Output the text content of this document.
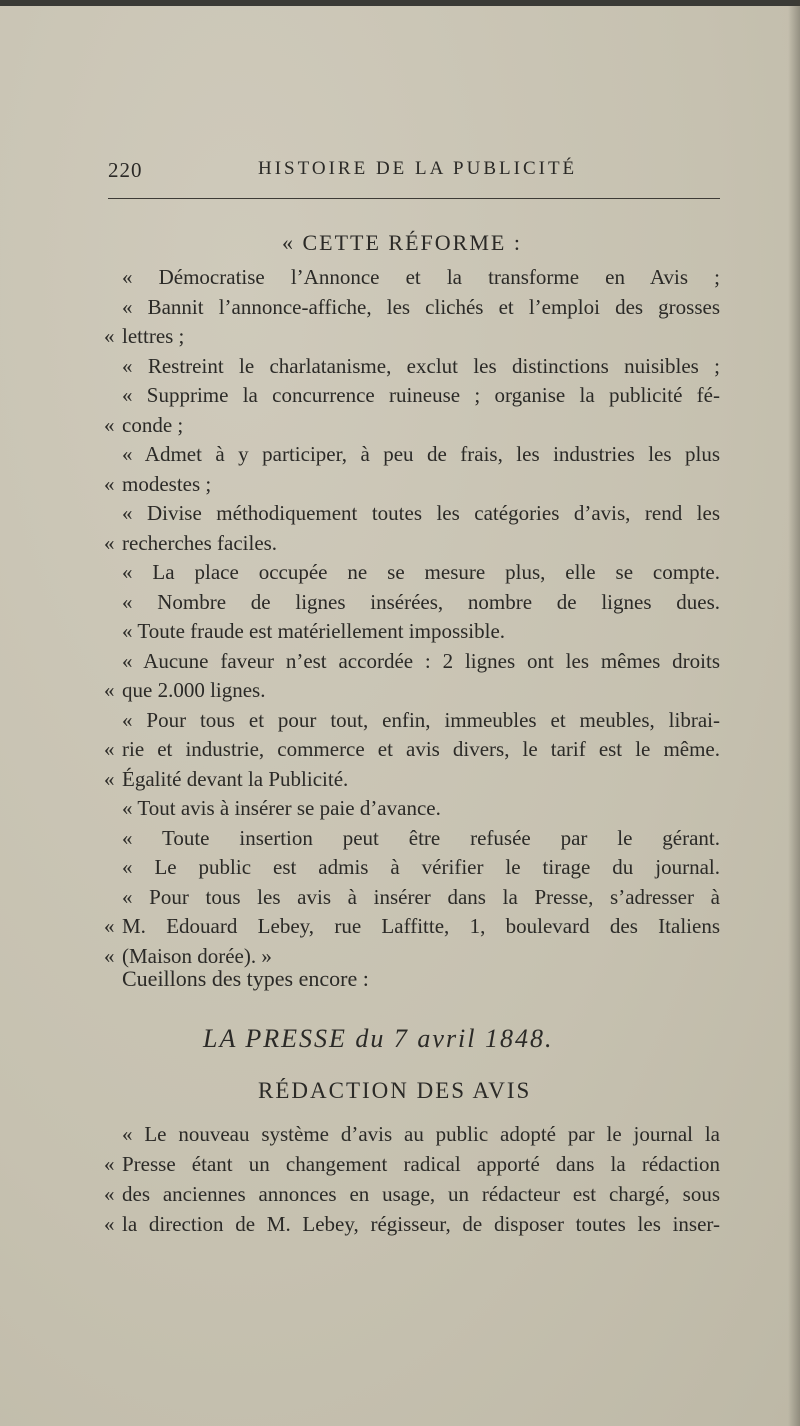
220	HISTOIRE DE LA PUBLICITÉ
« CETTE RÉFORME :
« Démocratise l’Annonce et la transforme en Avis ;
« Bannit l’annonce-affiche, les clichés et l’emploi des grosses
« lettres ;
« Restreint le charlatanisme, exclut les distinctions nuisibles ;
« Supprime la concurrence ruineuse ; organise la publicité fé-
« conde ;
« Admet à y participer, à peu de frais, les industries les plus
« modestes ;
« Divise méthodiquement toutes les catégories d’avis, rend les
« recherches faciles.
« La place occupée ne se mesure plus, elle se compte.
« Nombre de lignes insérées, nombre de lignes dues.
« Toute fraude est matériellement impossible.
« Aucune faveur n’est accordée : 2 lignes ont les mêmes droits
« que 2.000 lignes.
« Pour tous et pour tout, enfin, immeubles et meubles, librai-
« rie et industrie, commerce et avis divers, le tarif est le même.
« Égalité devant la Publicité.
« Tout avis à insérer se paie d’avance.
« Toute insertion peut être refusée par le gérant.
« Le public est admis à vérifier le tirage du journal.
« Pour tous les avis à insérer dans la Presse, s’adresser à
« M. Edouard Lebey, rue Laffitte, 1, boulevard des Italiens
« (Maison dorée). »
Cueillons des types encore :
LA PRESSE du 7 avril 1848.
RÉDACTION DES AVIS
« Le nouveau système d’avis au public adopté par le journal la
« Presse étant un changement radical apporté dans la rédaction
« des anciennes annonces en usage, un rédacteur est chargé, sous
« la direction de M. Lebey, régisseur, de disposer toutes les inser-
